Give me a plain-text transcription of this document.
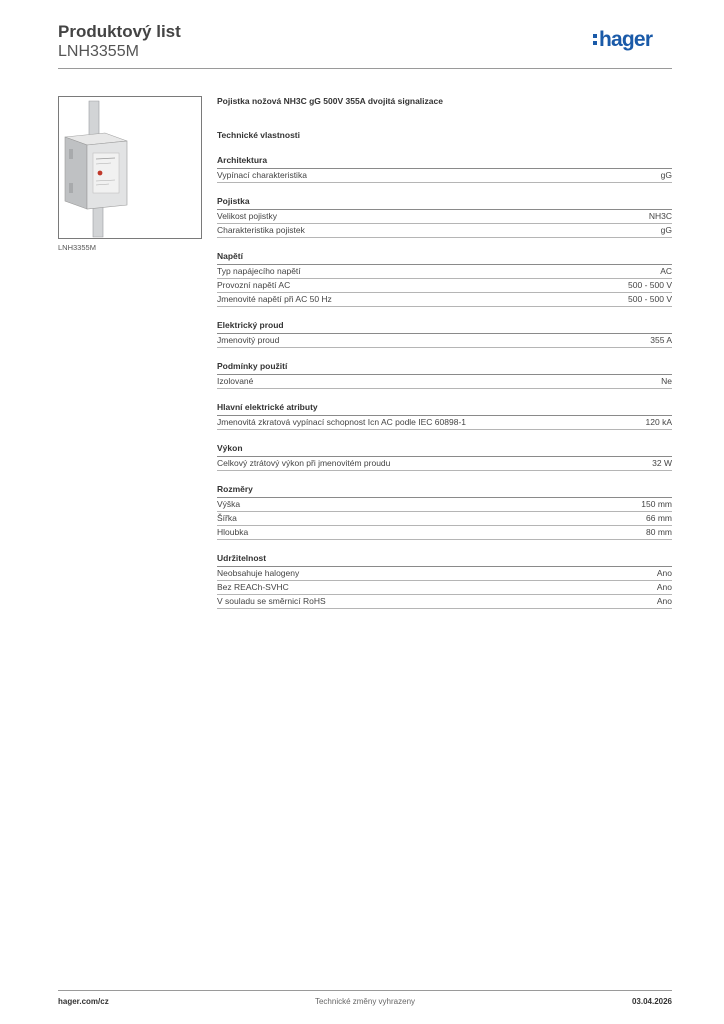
Produktový list
LNH3355M
hager
LNH3355M
Pojistka nožová NH3C gG 500V 355A dvojitá signalizace
Technické vlastnosti
Architektura
Vypínací charakteristika	gG
Pojistka
Velikost pojistky	NH3C
Charakteristika pojistek	gG
Napětí
Typ napájecího napětí	AC
Provozní napětí AC	500 - 500 V
Jmenovité napětí při AC 50 Hz	500 - 500 V
Elektrický proud
Jmenovitý proud	355 A
Podmínky použití
Izolované	Ne
Hlavní elektrické atributy
Jmenovitá zkratová vypínací schopnost Icn AC podle IEC 60898-1	120 kA
Výkon
Celkový ztrátový výkon při jmenovitém proudu	32 W
Rozměry
Výška	150 mm
Šířka	66 mm
Hloubka	80 mm
Udržitelnost
Neobsahuje halogeny	Ano
Bez REACh-SVHC	Ano
V souladu se směrnicí RoHS	Ano
hager.com/cz	Technické změny vyhrazeny	03.04.2026
